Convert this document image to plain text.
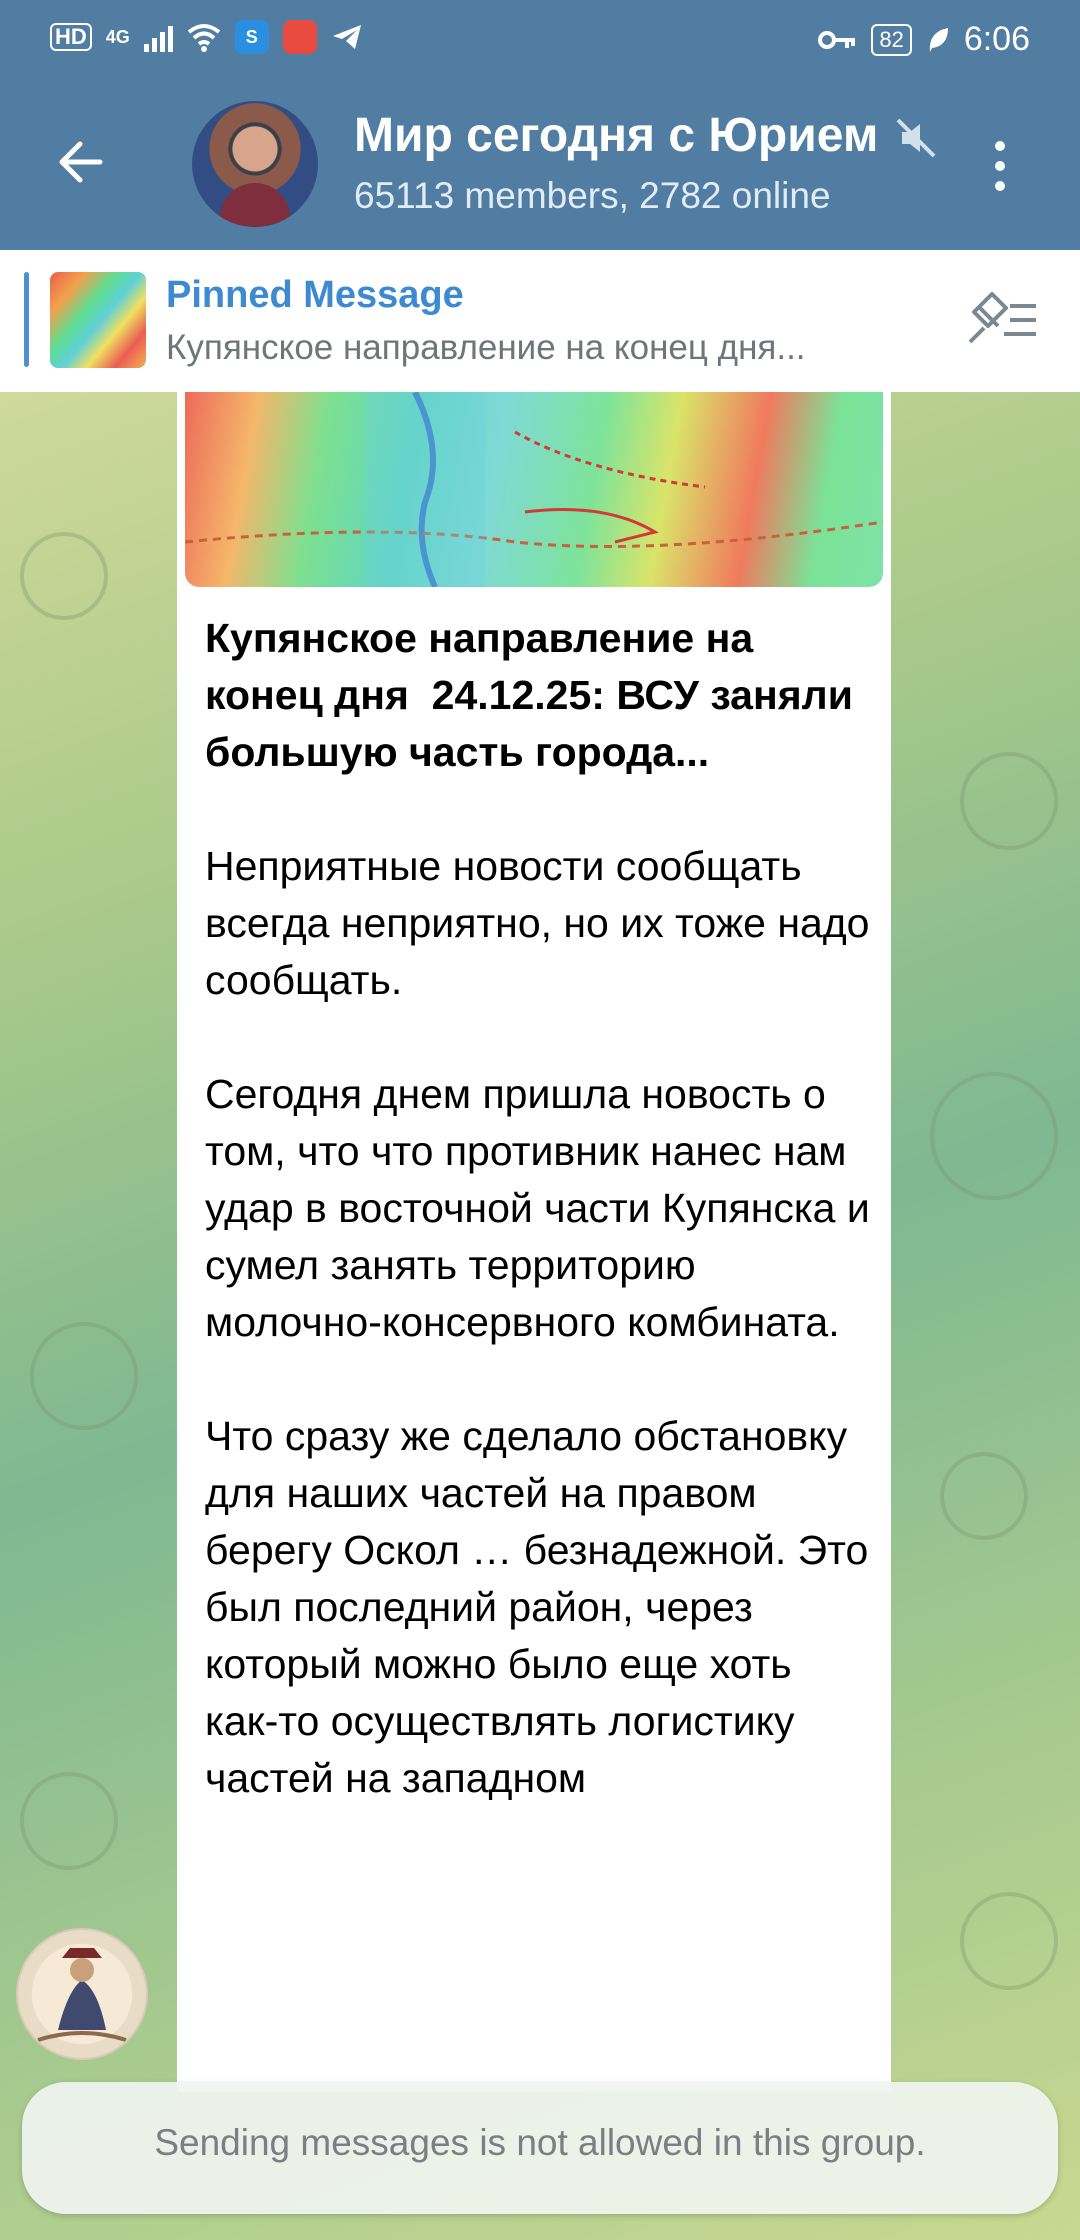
HD 4G	S	82 6:06
Мир сегодня с Юрием
65113 members, 2782 online
Pinned Message
Купянское направление на конец дня...

Купянское направление на конец дня  24.12.25: ВСУ заняли большую часть города...

Неприятные новости сообщать всегда неприятно, но их тоже надо сообщать.

Сегодня днем пришла новость о том, что что противник нанес нам удар в восточной части Купянска и сумел занять территорию молочно-консервного комбината.

Что сразу же сделало обстановку для наших частей на правом берегу Оскол … безнадежной. Это был последний район, через который можно было еще хоть как-то осуществлять логистику частей на западном

Sending messages is not allowed in this group.
